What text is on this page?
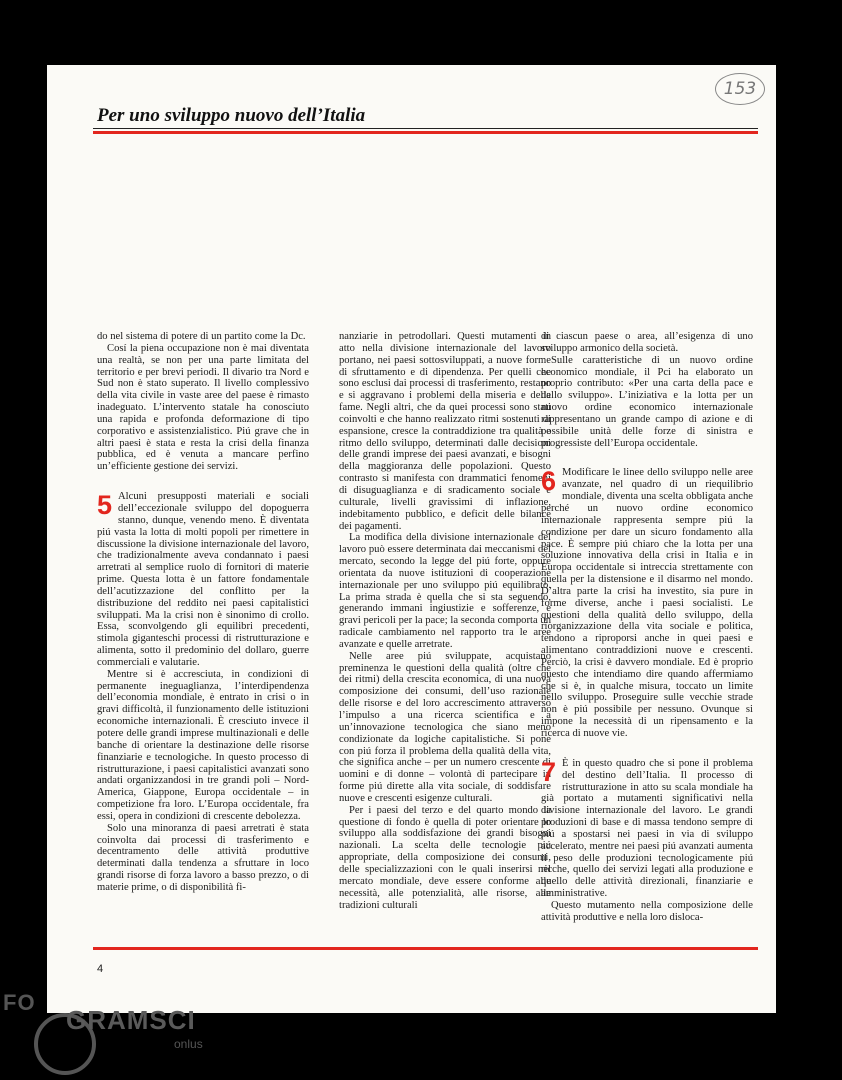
153
Per uno sviluppo nuovo dell’Italia

do nel sistema di potere di un partito come la Dc.

Cosí la piena occupazione non è mai diventata una realtà, se non per una parte limitata del territorio e per brevi periodi. Il divario tra Nord e Sud non è stato superato. Il livello complessivo della vita civile in vaste aree del paese è rimasto inadeguato. L’intervento statale ha conosciuto una rapida e profonda deformazione di tipo corporativo e assistenzialistico. Piú grave che in altri paesi è stata e resta la crisi della finanza pubblica, ed è venuta a mancare perfino un’efficiente gestione dei servizi.

5 Alcuni presupposti materiali e sociali dell’eccezionale sviluppo del dopoguerra stanno, dunque, venendo meno. È diventata piú vasta la lotta di molti popoli per rimettere in discussione la divisione internazionale del lavoro, che tradizionalmente aveva condannato i paesi arretrati al semplice ruolo di fornitori di materie prime. Questa lotta è un fattore fondamentale dell’acutizzazione del conflitto per la distribuzione del reddito nei paesi capitalistici sviluppati. Ma la crisi non è sinonimo di crollo. Essa, sconvolgendo gli equilibri precedenti, stimola giganteschi processi di ristrutturazione e alimenta, sotto il predominio del dollaro, guerre commerciali e valutarie.

Mentre si è accresciuta, in condizioni di permanente ineguaglianza, l’interdipendenza dell’economia mondiale, è entrato in crisi o in gravi difficoltà, il funzionamento delle istituzioni economiche internazionali. È cresciuto invece il potere delle grandi imprese multinazionali e delle banche di orientare la destinazione delle risorse finanziarie e tecnologiche. In questo processo di ristrutturazione, i paesi capitalistici avanzati sono andati organizzandosi in tre grandi poli – Nord-America, Giappone, Europa occidentale – in competizione fra loro. L’Europa occidentale, fra essi, opera in condizioni di crescente debolezza.

Solo una minoranza di paesi arretrati è stata coinvolta dai processi di trasferimento e decentramento delle attività produttive determinati dalla tendenza a sfruttare in loco grandi risorse di forza lavoro a basso prezzo, o di materie prime, o di disponibilità fi-

nanziarie in petrodollari. Questi mutamenti in atto nella divisione internazionale del lavoro portano, nei paesi sottosviluppati, a nuove forme di sfruttamento e di dipendenza. Per quelli che sono esclusi dai processi di trasferimento, restano e si aggravano i problemi della miseria e della fame. Negli altri, che da quei processi sono stati coinvolti e che hanno realizzato ritmi sostenuti di espansione, cresce la contraddizione tra qualità e ritmo dello sviluppo, determinati dalle decisioni delle grandi imprese dei paesi avanzati, e bisogni della maggioranza delle popolazioni. Questo contrasto si manifesta con drammatici fenomeni di disuguaglianza e di sradicamento sociale e culturale, livelli gravissimi di inflazione, indebitamento pubblico, e deficit delle bilance dei pagamenti.

La modifica della divisione internazionale del lavoro può essere determinata dai meccanismi del mercato, secondo la legge del piú forte, oppure orientata da nuove istituzioni di cooperazione internazionale per uno sviluppo piú equilibrato. La prima strada è quella che si sta seguendo, generando immani ingiustizie e sofferenze, e gravi pericoli per la pace; la seconda comporta un radicale cambiamento nel rapporto tra le aree avanzate e quelle arretrate.

Nelle aree piú sviluppate, acquistano preminenza le questioni della qualità (oltre che dei ritmi) della crescita economica, di una nuova composizione dei consumi, dell’uso razionale delle risorse e del loro accrescimento attraverso l’impulso a una ricerca scientifica e a un’innovazione tecnologica che siano meno condizionate da logiche capitalistiche. Si pone con piú forza il problema della qualità della vita, che significa anche – per un numero crescente di uomini e di donne – volontà di partecipare in forme piú dirette alla vita sociale, di soddisfare nuove e crescenti esigenze culturali.

Per i paesi del terzo e del quarto mondo la questione di fondo è quella di poter orientare lo sviluppo alla soddisfazione dei grandi bisogni nazionali. La scelta delle tecnologie piú appropriate, della composizione dei consumi, delle specializzazioni con le quali inserirsi nel mercato mondiale, deve essere conforme alle necessità, alle potenzialità, alle risorse, alle tradizioni culturali

di ciascun paese o area, all’esigenza di uno sviluppo armonico della società.

Sulle caratteristiche di un nuovo ordine economico mondiale, il Pci ha elaborato un proprio contributo: «Per una carta della pace e dello sviluppo». L’iniziativa e la lotta per un nuovo ordine economico internazionale rappresentano un grande campo di azione e di possibile unità delle forze di sinistra e progressiste dell’Europa occidentale.

6 Modificare le linee dello sviluppo nelle aree avanzate, nel quadro di un riequilibrio mondiale, diventa una scelta obbligata anche perché un nuovo ordine economico internazionale rappresenta sempre piú la condizione per dare un sicuro fondamento alla pace. È sempre piú chiaro che la lotta per una soluzione innovativa della crisi in Italia e in Europa occidentale si intreccia strettamente con quella per la distensione e il disarmo nel mondo. D’altra parte la crisi ha investito, sia pure in forme diverse, anche i paesi socialisti. Le questioni della qualità dello sviluppo, della riorganizzazione della vita sociale e politica, tendono a riproporsi anche in quei paesi e alimentano contraddizioni nuove e crescenti. Perciò, la crisi è davvero mondiale. Ed è proprio questo che intendiamo dire quando affermiamo che si è, in qualche misura, toccato un limite nello sviluppo. Proseguire sulle vecchie strade non è piú possibile per nessuno. Ovunque si impone la necessità di un ripensamento e la ricerca di nuove vie.

7 È in questo quadro che si pone il problema del destino dell’Italia. Il processo di ristrutturazione in atto su scala mondiale ha già portato a mutamenti significativi nella divisione internazionale del lavoro. Le grandi produzioni di base e di massa tendono sempre di piú a spostarsi nei paesi in via di sviluppo accelerato, mentre nei paesi piú avanzati aumenta il peso delle produzioni tecnologicamente piú ricche, quello dei servizi legati alla produzione e quello delle attività direzionali, finanziarie e amministrative.

Questo mutamento nella composizione delle attività produttive e nella loro disloca-

4
FO
GRAMSCI
onlus
